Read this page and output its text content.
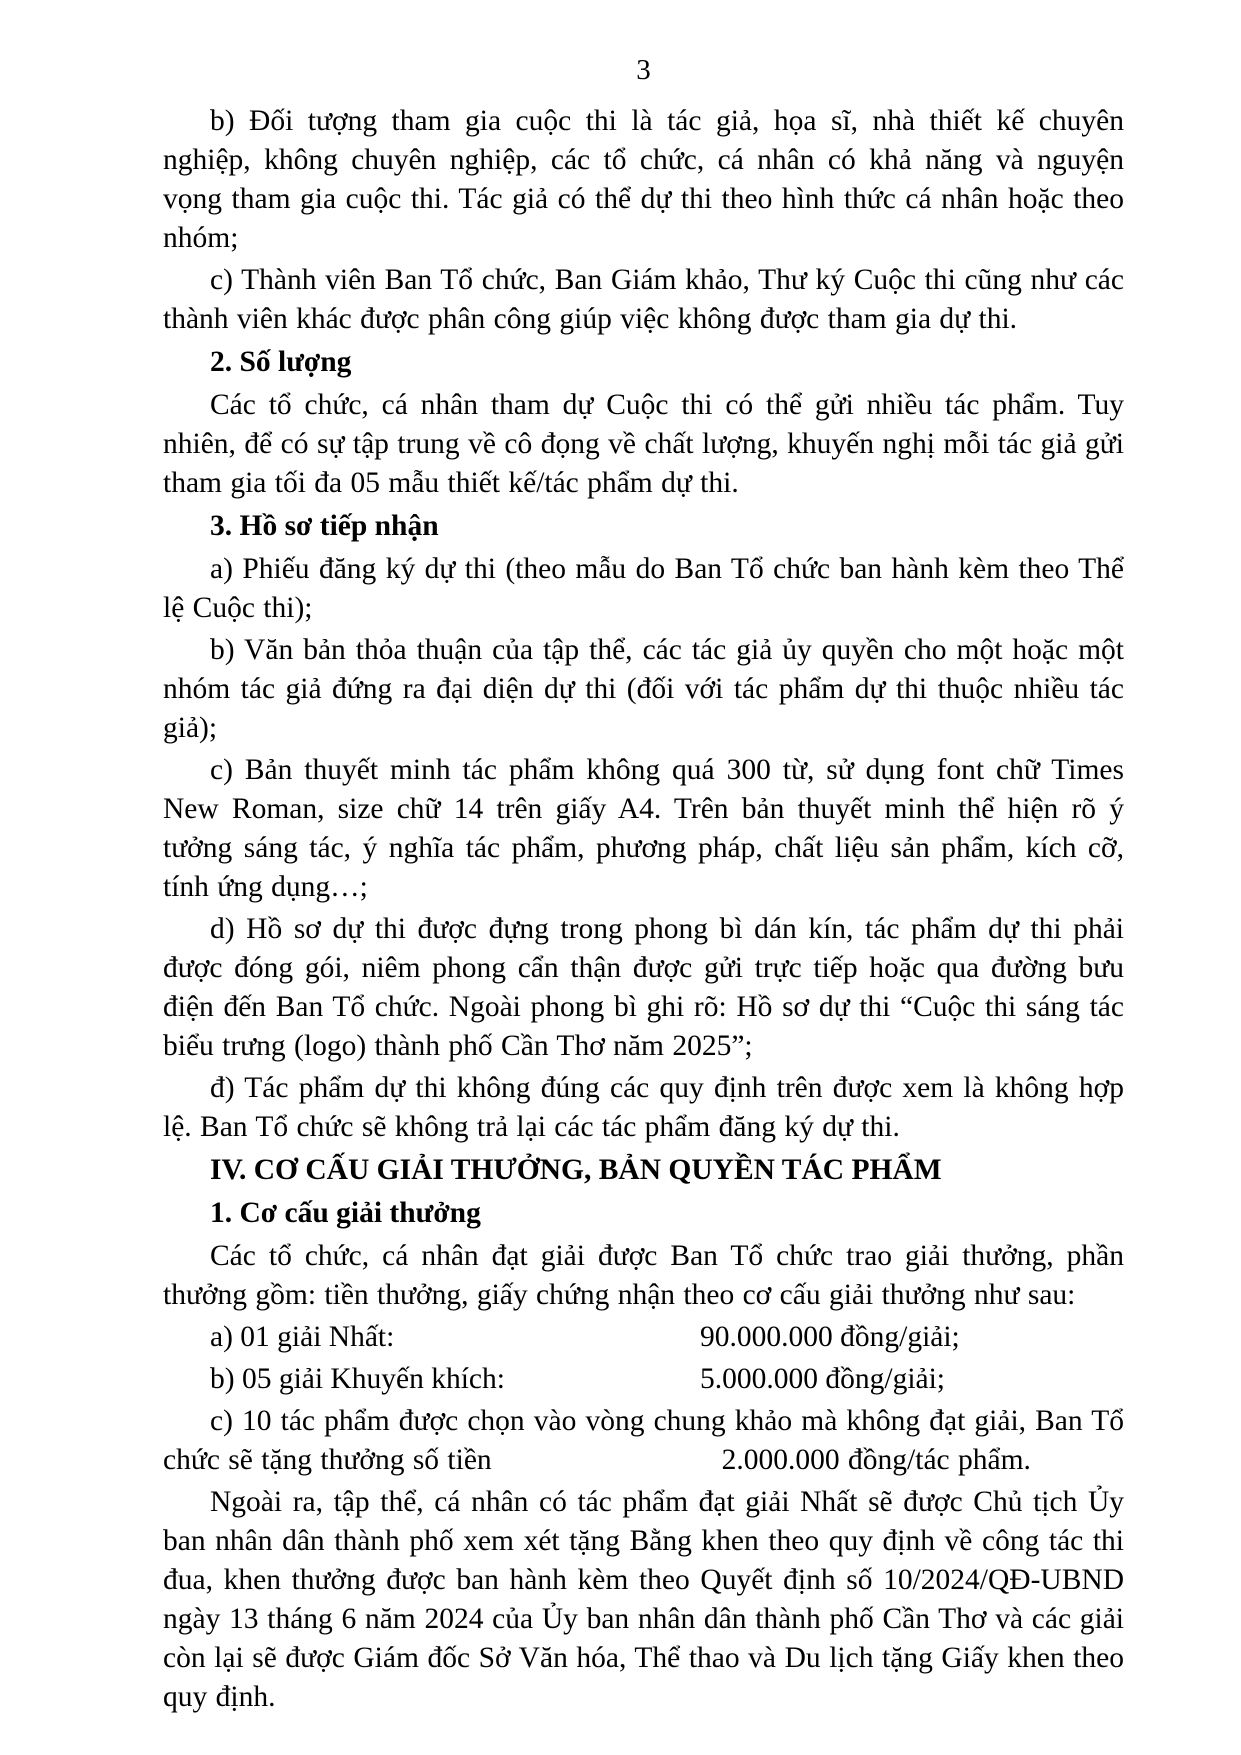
3

b) Đối tượng tham gia cuộc thi là tác giả, họa sĩ, nhà thiết kế chuyên nghiệp, không chuyên nghiệp, các tổ chức, cá nhân có khả năng và nguyện vọng tham gia cuộc thi. Tác giả có thể dự thi theo hình thức cá nhân hoặc theo nhóm;

c) Thành viên Ban Tổ chức, Ban Giám khảo, Thư ký Cuộc thi cũng như các thành viên khác được phân công giúp việc không được tham gia dự thi.

2. Số lượng

Các tổ chức, cá nhân tham dự Cuộc thi có thể gửi nhiều tác phẩm. Tuy nhiên, để có sự tập trung về cô đọng về chất lượng, khuyến nghị mỗi tác giả gửi tham gia tối đa 05 mẫu thiết kế/tác phẩm dự thi.

3. Hồ sơ tiếp nhận

a) Phiếu đăng ký dự thi (theo mẫu do Ban Tổ chức ban hành kèm theo Thể lệ Cuộc thi);

b) Văn bản thỏa thuận của tập thể, các tác giả ủy quyền cho một hoặc một nhóm tác giả đứng ra đại diện dự thi (đối với tác phẩm dự thi thuộc nhiều tác giả);

c) Bản thuyết minh tác phẩm không quá 300 từ, sử dụng font chữ Times New Roman, size chữ 14 trên giấy A4. Trên bản thuyết minh thể hiện rõ ý tưởng sáng tác, ý nghĩa tác phẩm, phương pháp, chất liệu sản phẩm, kích cỡ, tính ứng dụng…;

d) Hồ sơ dự thi được đựng trong phong bì dán kín, tác phẩm dự thi phải được đóng gói, niêm phong cẩn thận được gửi trực tiếp hoặc qua đường bưu điện đến Ban Tổ chức. Ngoài phong bì ghi rõ: Hồ sơ dự thi “Cuộc thi sáng tác biểu trưng (logo) thành phố Cần Thơ năm 2025”;

đ) Tác phẩm dự thi không đúng các quy định trên được xem là không hợp lệ. Ban Tổ chức sẽ không trả lại các tác phẩm đăng ký dự thi.

IV. CƠ CẤU GIẢI THƯỞNG, BẢN QUYỀN TÁC PHẨM
1. Cơ cấu giải thưởng

Các tổ chức, cá nhân đạt giải được Ban Tổ chức trao giải thưởng, phần thưởng gồm: tiền thưởng, giấy chứng nhận theo cơ cấu giải thưởng như sau:

a) 01 giải Nhất:	90.000.000 đồng/giải;
b) 05 giải Khuyến khích:	5.000.000 đồng/giải;

c) 10 tác phẩm được chọn vào vòng chung khảo mà không đạt giải, Ban Tổ chức sẽ tặng thưởng số tiền	2.000.000 đồng/tác phẩm.

Ngoài ra, tập thể, cá nhân có tác phẩm đạt giải Nhất sẽ được Chủ tịch Ủy ban nhân dân thành phố xem xét tặng Bằng khen theo quy định về công tác thi đua, khen thưởng được ban hành kèm theo Quyết định số 10/2024/QĐ-UBND ngày 13 tháng 6 năm 2024 của Ủy ban nhân dân thành phố Cần Thơ và các giải còn lại sẽ được Giám đốc Sở Văn hóa, Thể thao và Du lịch tặng Giấy khen theo quy định.
